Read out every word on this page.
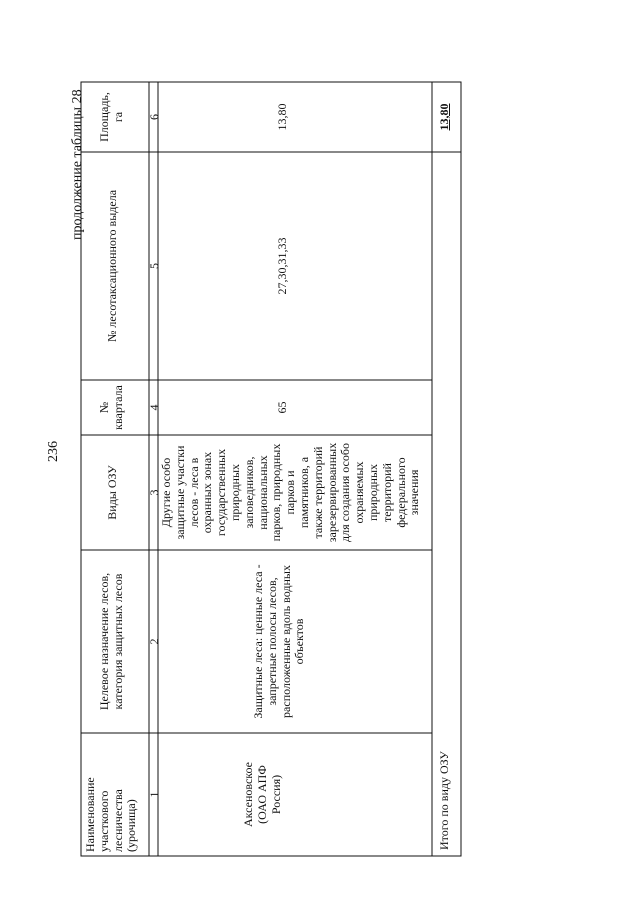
236
продолжение таблицы 28
Наименование
участкового
лесничества
(урочища)
Целевое назначение лесов,
категория защитных лесов
Виды ОЗУ
№
квартала
№ лесотаксационного выдела
Площадь,
га
1
2
3
4
5
6
Аксеновское
(ОАО АПФ
Россия)
Защитные леса: ценные леса -
запретные полосы лесов,
расположенные вдоль водных
объектов
Другие особо
защитные участки
лесов - леса в
охранных зонах
государственных
природных
заповедников,
национальных
парков, природных
парков и
памятников, а
также территорий
зарезервированных
для создания особо
охраняемых
природных
территорий
федерального
значения
65
27,30,31,33
13,80
Итого по виду ОЗУ
13,80
